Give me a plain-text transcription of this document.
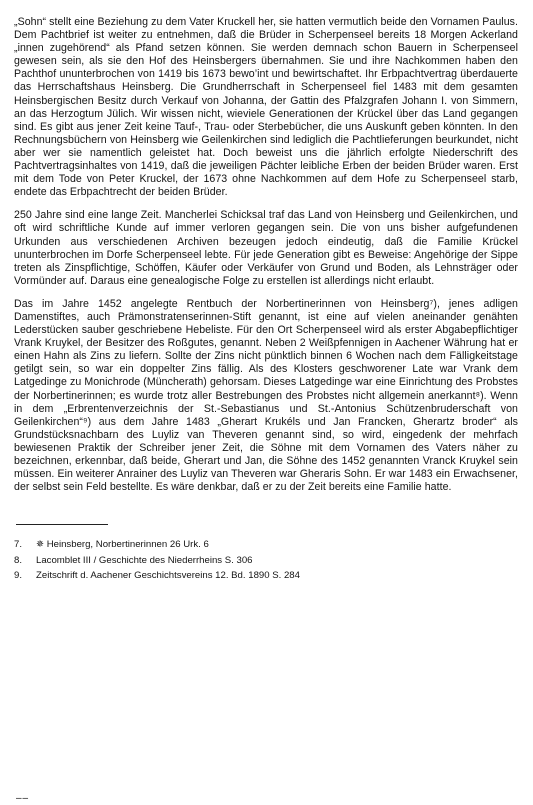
„Sohn“ stellt eine Beziehung zu dem Vater Kruckell her, sie hatten vermutlich beide den Vornamen Paulus. Dem Pachtbrief ist weiter zu entnehmen, daß die Brüder in Scherpenseel bereits 18 Morgen Ackerland „innen zugehörend“ als Pfand setzen können. Sie werden demnach schon Bauern in Scherpenseel gewesen sein, als sie den Hof des Heinsbergers übernahmen. Sie und ihre Nachkommen haben den Pachthof ununterbrochen von 1419 bis 1673 bewo’int und bewirtschaftet. Ihr Erbpachtvertrag überdauerte das Herrschaftshaus Heinsberg. Die Grundherrschaft in Scherpenseel fiel 1483 mit dem gesamten Heinsbergischen Besitz durch Verkauf von Johanna, der Gattin des Pfalzgrafen Johann I. von Simmern, an das Herzogtum Jülich. Wir wissen nicht, wieviele Generationen der Krückel über das Land gegangen sind. Es gibt aus jener Zeit keine Tauf-, Trau- oder Sterbebücher, die uns Auskunft geben könnten. In den Rechnungsbüchern von Heinsberg wie Geilenkirchen sind lediglich die Pachtlieferungen beurkundet, nicht aber wer sie namentlich geleistet hat. Doch beweist uns die jährlich erfolgte Niederschrift des Pachtvertragsinhaltes von 1419, daß die jeweiligen Pächter leibliche Erben der beiden Brüder waren. Erst mit dem Tode von Peter Kruckel, der 1673 ohne Nachkommen auf dem Hofe zu Scherpenseel starb, endete das Erbpachtrecht der beiden Brüder.

250 Jahre sind eine lange Zeit. Mancherlei Schicksal traf das Land von Heinsberg und Geilenkirchen, und oft wird schriftliche Kunde auf immer verloren gegangen sein. Die von uns bisher aufgefundenen Urkunden aus verschiedenen Archiven bezeugen jedoch eindeutig, daß die Familie Krückel ununterbrochen im Dorfe Scherpenseel lebte. Für jede Generation gibt es Beweise: Angehörige der Sippe treten als Zinspflichtige, Schöffen, Käufer oder Verkäufer von Grund und Boden, als Lehnsträger oder Vormünder auf. Daraus eine genealogische Folge zu erstellen ist allerdings nicht erlaubt.

Das im Jahre 1452 angelegte Rentbuch der Norbertinerinnen von Heinsberg⁷), jenes adligen Damenstiftes, auch Prämonstratenserinnen-Stift genannt, ist eine auf vielen aneinander genähten Lederstücken sauber geschriebene Hebeliste. Für den Ort Scherpenseel wird als erster Abgabepflichtiger Vrank Kruykel, der Besitzer des Roßgutes, genannt. Neben 2 Weißpfennigen in Aachener Währung hat er einen Hahn als Zins zu liefern. Sollte der Zins nicht pünktlich binnen 6 Wochen nach dem Fälligkeitstage getilgt sein, so war ein doppelter Zins fällig. Als des Klosters geschworener Late war Vrank dem Latgedinge zu Monichrode (Müncherath) gehorsam. Dieses Latgedinge war eine Einrichtung des Probstes der Norbertinerinnen; es wurde trotz aller Bestrebungen des Probstes nicht allgemein anerkannt⁸). Wenn in dem „Erbrentenverzeichnis der St.-Sebastianus und St.-Antonius Schützenbruderschaft von Geilenkirchen“⁹) aus dem Jahre 1483 „Gherart Krukéls und Jan Francken, Gherartz broder“ als Grundstücksnachbarn des Luyliz van Theveren genannt sind, so wird, eingedenk der mehrfach bewiesenen Praktik der Schreiber jener Zeit, die Söhne mit dem Vornamen des Vaters näher zu bezeichnen, erkennbar, daß beide, Gherart und Jan, die Söhne des 1452 genannten Vranck Kruykel sein müssen. Ein weiterer Anrainer des Luyliz van Theveren war Gheraris Sohn. Er war 1483 ein Erwachsener, der selbst sein Feld bestellte. Es wäre denkbar, daß er zu der Zeit bereits eine Familie hatte.

7.	✵ Heinsberg, Norbertinerinnen 26 Urk. 6
8.	Lacomblet III / Geschichte des Niederrheins S. 306
9.	Zeitschrift d. Aachener Geschichtsvereins 12. Bd. 1890 S. 284
––
